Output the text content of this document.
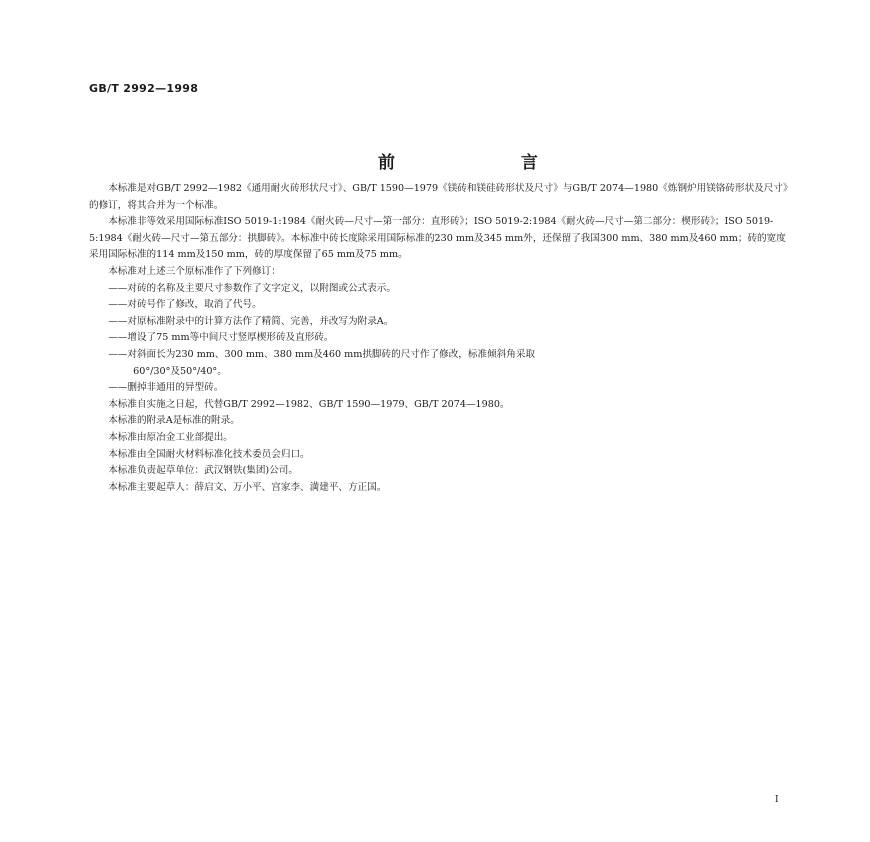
GB/T 2992—1998
前 言

本标准是对GB/T 2992—1982《通用耐火砖形状尺寸》、GB/T 1590—1979《镁砖和镁硅砖形状及尺寸》与GB/T 2074—1980《炼钢炉用镁铬砖形状及尺寸》的修订，将其合并为一个标准。

本标准非等效采用国际标准ISO 5019-1:1984《耐火砖—尺寸—第一部分：直形砖》；ISO 5019-2:1984《耐火砖—尺寸—第二部分：楔形砖》；ISO 5019-5:1984《耐火砖—尺寸—第五部分：拱脚砖》。本标准中砖长度除采用国际标准的230 mm及345 mm外，还保留了我国300 mm、380 mm及460 mm；砖的宽度采用国际标准的114 mm及150 mm，砖的厚度保留了65 mm及75 mm。

本标准对上述三个原标准作了下列修订：

——对砖的名称及主要尺寸参数作了文字定义，以附图或公式表示。

——对砖号作了修改，取消了代号。

——对原标准附录中的计算方法作了精简、完善，并改写为附录A。

——增设了75 mm等中间尺寸竖厚楔形砖及直形砖。

——对斜面长为230 mm、300 mm、380 mm及460 mm拱脚砖的尺寸作了修改，标准倾斜角采取

60°/30°及50°/40°。

——删掉非通用的异型砖。

本标准自实施之日起，代替GB/T 2992—1982、GB/T 1590—1979、GB/T 2074—1980。

本标准的附录A是标准的附录。

本标准由原冶金工业部提出。

本标准由全国耐火材料标准化技术委员会归口。

本标准负责起草单位：武汉钢铁(集团)公司。

本标准主要起草人：薛启文、万小平、宫家李、満建平、方正国。

I
